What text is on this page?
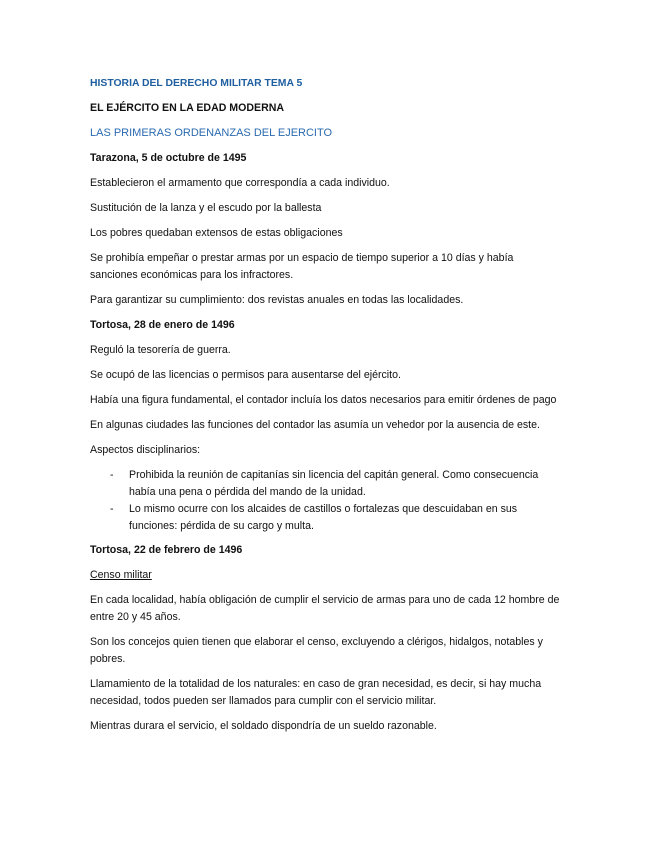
HISTORIA DEL DERECHO MILITAR TEMA 5

EL EJÉRCITO EN LA EDAD MODERNA

LAS PRIMERAS ORDENANZAS DEL EJERCITO

Tarazona, 5 de octubre de 1495

Establecieron el armamento que correspondía a cada individuo.

Sustitución de la lanza y el escudo por la ballesta

Los pobres quedaban extensos de estas obligaciones

Se prohibía empeñar o prestar armas por un espacio de tiempo superior a 10 días y había sanciones económicas para los infractores.

Para garantizar su cumplimiento: dos revistas anuales en todas las localidades.

Tortosa, 28 de enero de 1496

Reguló la tesorería de guerra.

Se ocupó de las licencias o permisos para ausentarse del ejército.

Había una figura fundamental, el contador incluía los datos necesarios para emitir órdenes de pago

En algunas ciudades las funciones del contador las asumía un vehedor por la ausencia de este.

Aspectos disciplinarios:

- Prohibida la reunión de capitanías sin licencia del capitán general. Como consecuencia había una pena o pérdida del mando de la unidad.
- Lo mismo ocurre con los alcaides de castillos o fortalezas que descuidaban en sus funciones: pérdida de su cargo y multa.

Tortosa, 22 de febrero de 1496

Censo militar

En cada localidad, había obligación de cumplir el servicio de armas para uno de cada 12 hombre de entre 20 y 45 años.

Son los concejos quien tienen que elaborar el censo, excluyendo a clérigos, hidalgos, notables y pobres.

Llamamiento de la totalidad de los naturales: en caso de gran necesidad, es decir, si hay mucha necesidad, todos pueden ser llamados para cumplir con el servicio militar.

Mientras durara el servicio, el soldado dispondría de un sueldo razonable.
